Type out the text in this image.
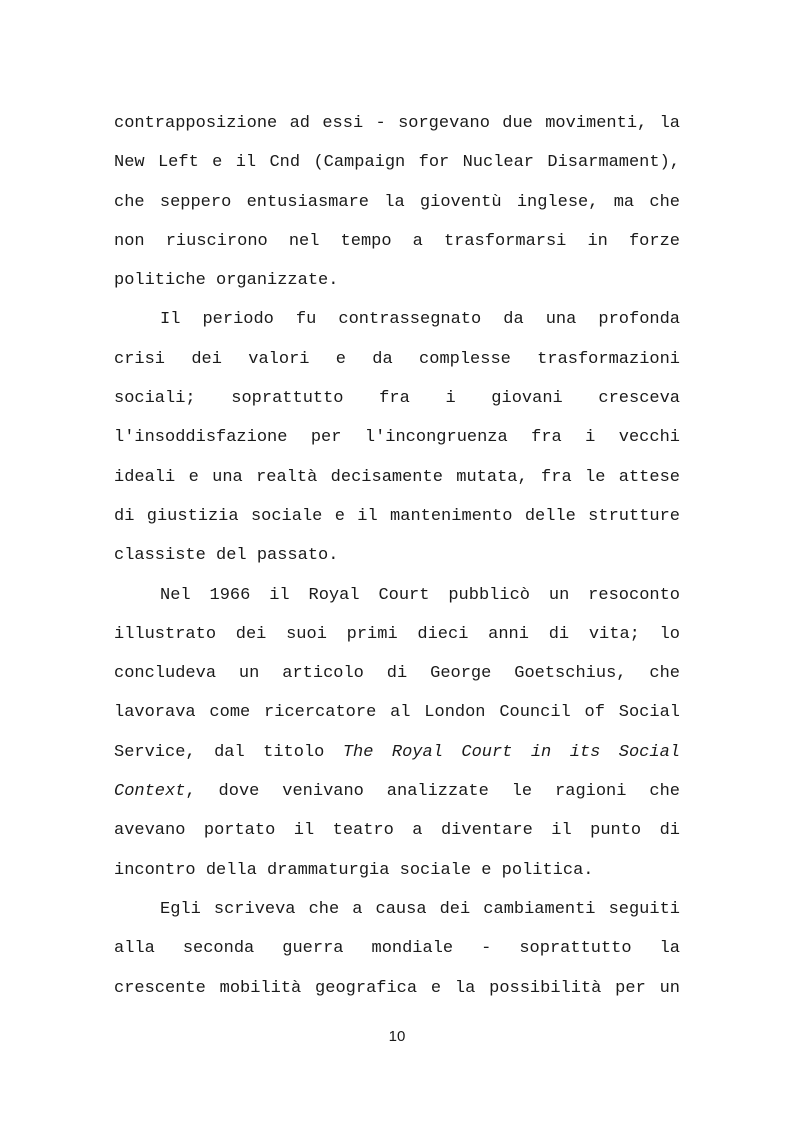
contrapposizione ad essi - sorgevano due movimenti, la
New Left e il Cnd (Campaign for Nuclear Disarmament),
che seppero entusiasmare la gioventù inglese, ma che
non riuscirono nel tempo a trasformarsi in forze
politiche organizzate.
Il periodo fu contrassegnato da una profonda
crisi dei valori e da complesse trasformazioni
sociali; soprattutto fra i giovani cresceva
l'insoddisfazione per l'incongruenza fra i vecchi
ideali e una realtà decisamente mutata, fra le attese
di giustizia sociale e il mantenimento delle strutture
classiste del passato.
Nel 1966 il Royal Court pubblicò un resoconto
illustrato dei suoi primi dieci anni di vita; lo
concludeva un articolo di George Goetschius, che
lavorava come ricercatore al London Council of Social
Service, dal titolo The Royal Court in its Social
Context, dove venivano analizzate le ragioni che
avevano portato il teatro a diventare il punto di
incontro della drammaturgia sociale e politica.
Egli scriveva che a causa dei cambiamenti seguiti
alla seconda guerra mondiale - soprattutto la
crescente mobilità geografica e la possibilità per un
10
